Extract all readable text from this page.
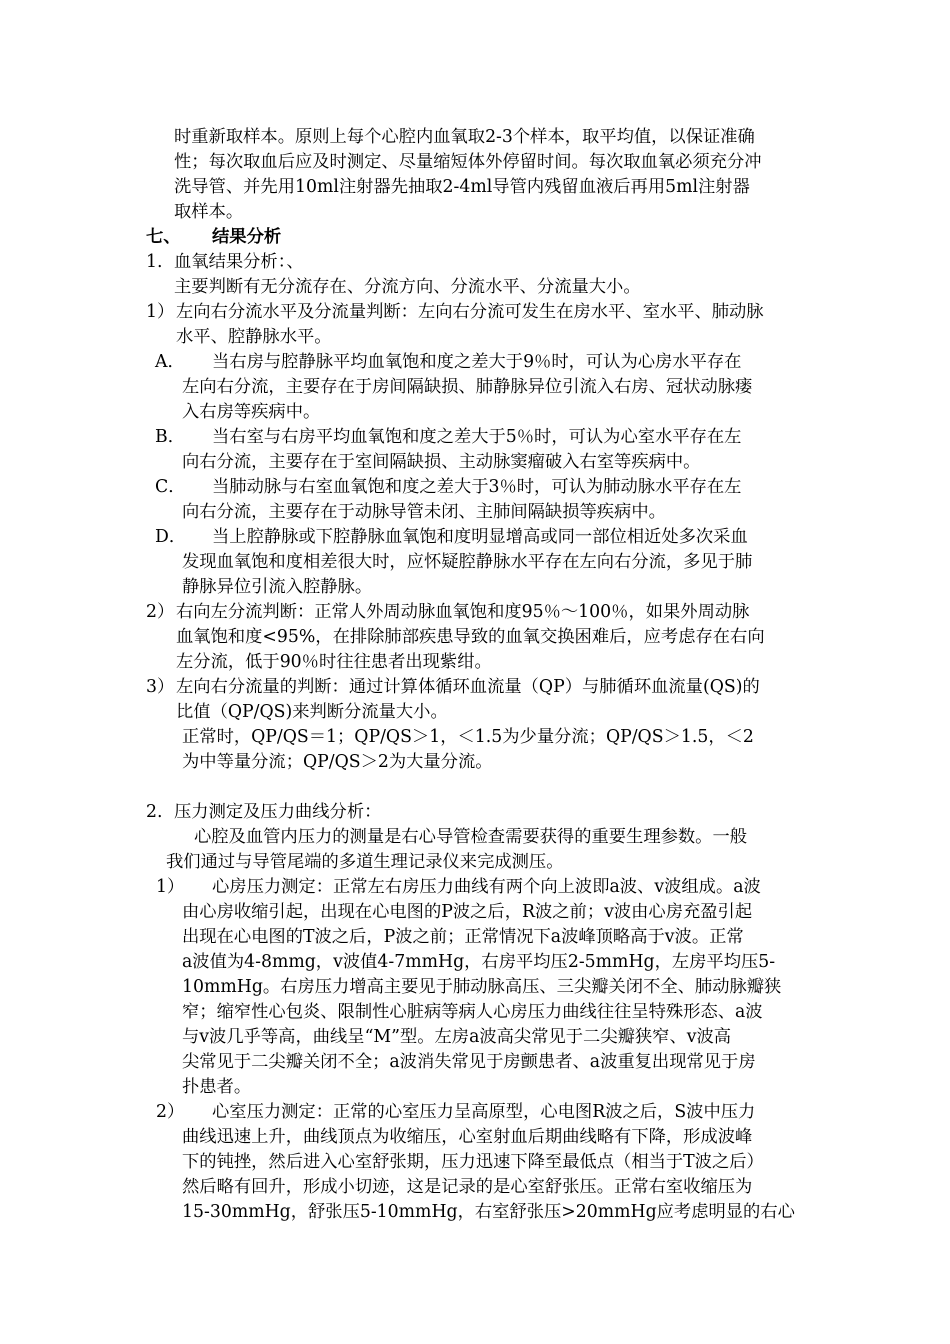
时重新取样本。原则上每个心腔内血氧取2-3个样本，取平均值，以保证准确
性；每次取血后应及时测定、尽量缩短体外停留时间。每次取血氧必须充分冲
洗导管、并先用10ml注射器先抽取2-4ml导管内残留血液后再用5ml注射器
取样本。
七、 结果分析
1. 血氧结果分析：、
主要判断有无分流存在、分流方向、分流水平、分流量大小。
1） 左向右分流水平及分流量判断：左向右分流可发生在房水平、室水平、肺动脉
水平、腔静脉水平。
A． 当右房与腔静脉平均血氧饱和度之差大于9％时，可认为心房水平存在
左向右分流，主要存在于房间隔缺损、肺静脉异位引流入右房、冠状动脉瘘
入右房等疾病中。
B． 当右室与右房平均血氧饱和度之差大于5％时，可认为心室水平存在左
向右分流，主要存在于室间隔缺损、主动脉窦瘤破入右室等疾病中。
C． 当肺动脉与右室血氧饱和度之差大于3％时，可认为肺动脉水平存在左
向右分流，主要存在于动脉导管未闭、主肺间隔缺损等疾病中。
D． 当上腔静脉或下腔静脉血氧饱和度明显增高或同一部位相近处多次采血
发现血氧饱和度相差很大时，应怀疑腔静脉水平存在左向右分流，多见于肺
静脉异位引流入腔静脉。
2） 右向左分流判断：正常人外周动脉血氧饱和度95％～100％，如果外周动脉
血氧饱和度<95%，在排除肺部疾患导致的血氧交换困难后，应考虑存在右向
左分流，低于90％时往往患者出现紫绀。
3） 左向右分流量的判断：通过计算体循环血流量（QP）与肺循环血流量(QS)的
比值（QP/QS)来判断分流量大小。
正常时，QP/QS＝1；QP/QS＞1，＜1.5为少量分流；QP/QS＞1.5，＜2
为中等量分流；QP/QS＞2为大量分流。
2. 压力测定及压力曲线分析：
心腔及血管内压力的测量是右心导管检查需要获得的重要生理参数。一般
我们通过与导管尾端的多道生理记录仪来完成测压。
1） 心房压力测定：正常左右房压力曲线有两个向上波即a波、v波组成。a波
由心房收缩引起，出现在心电图的P波之后，R波之前；v波由心房充盈引起
出现在心电图的T波之后，P波之前；正常情况下a波峰顶略高于v波。正常
a波值为4-8mmg，v波值4-7mmHg，右房平均压2-5mmHg，左房平均压5-
10mmHg。右房压力增高主要见于肺动脉高压、三尖瓣关闭不全、肺动脉瓣狭
窄；缩窄性心包炎、限制性心脏病等病人心房压力曲线往往呈特殊形态、a波
与v波几乎等高，曲线呈“M”型。左房a波高尖常见于二尖瓣狭窄、v波高
尖常见于二尖瓣关闭不全；a波消失常见于房颤患者、a波重复出现常见于房
扑患者。
2） 心室压力测定：正常的心室压力呈高原型，心电图R波之后，S波中压力
曲线迅速上升，曲线顶点为收缩压，心室射血后期曲线略有下降，形成波峰
下的钝挫，然后进入心室舒张期，压力迅速下降至最低点（相当于T波之后）
然后略有回升，形成小切迹，这是记录的是心室舒张压。正常右室收缩压为
15-30mmHg，舒张压5-10mmHg，右室舒张压>20mmHg应考虑明显的右心
